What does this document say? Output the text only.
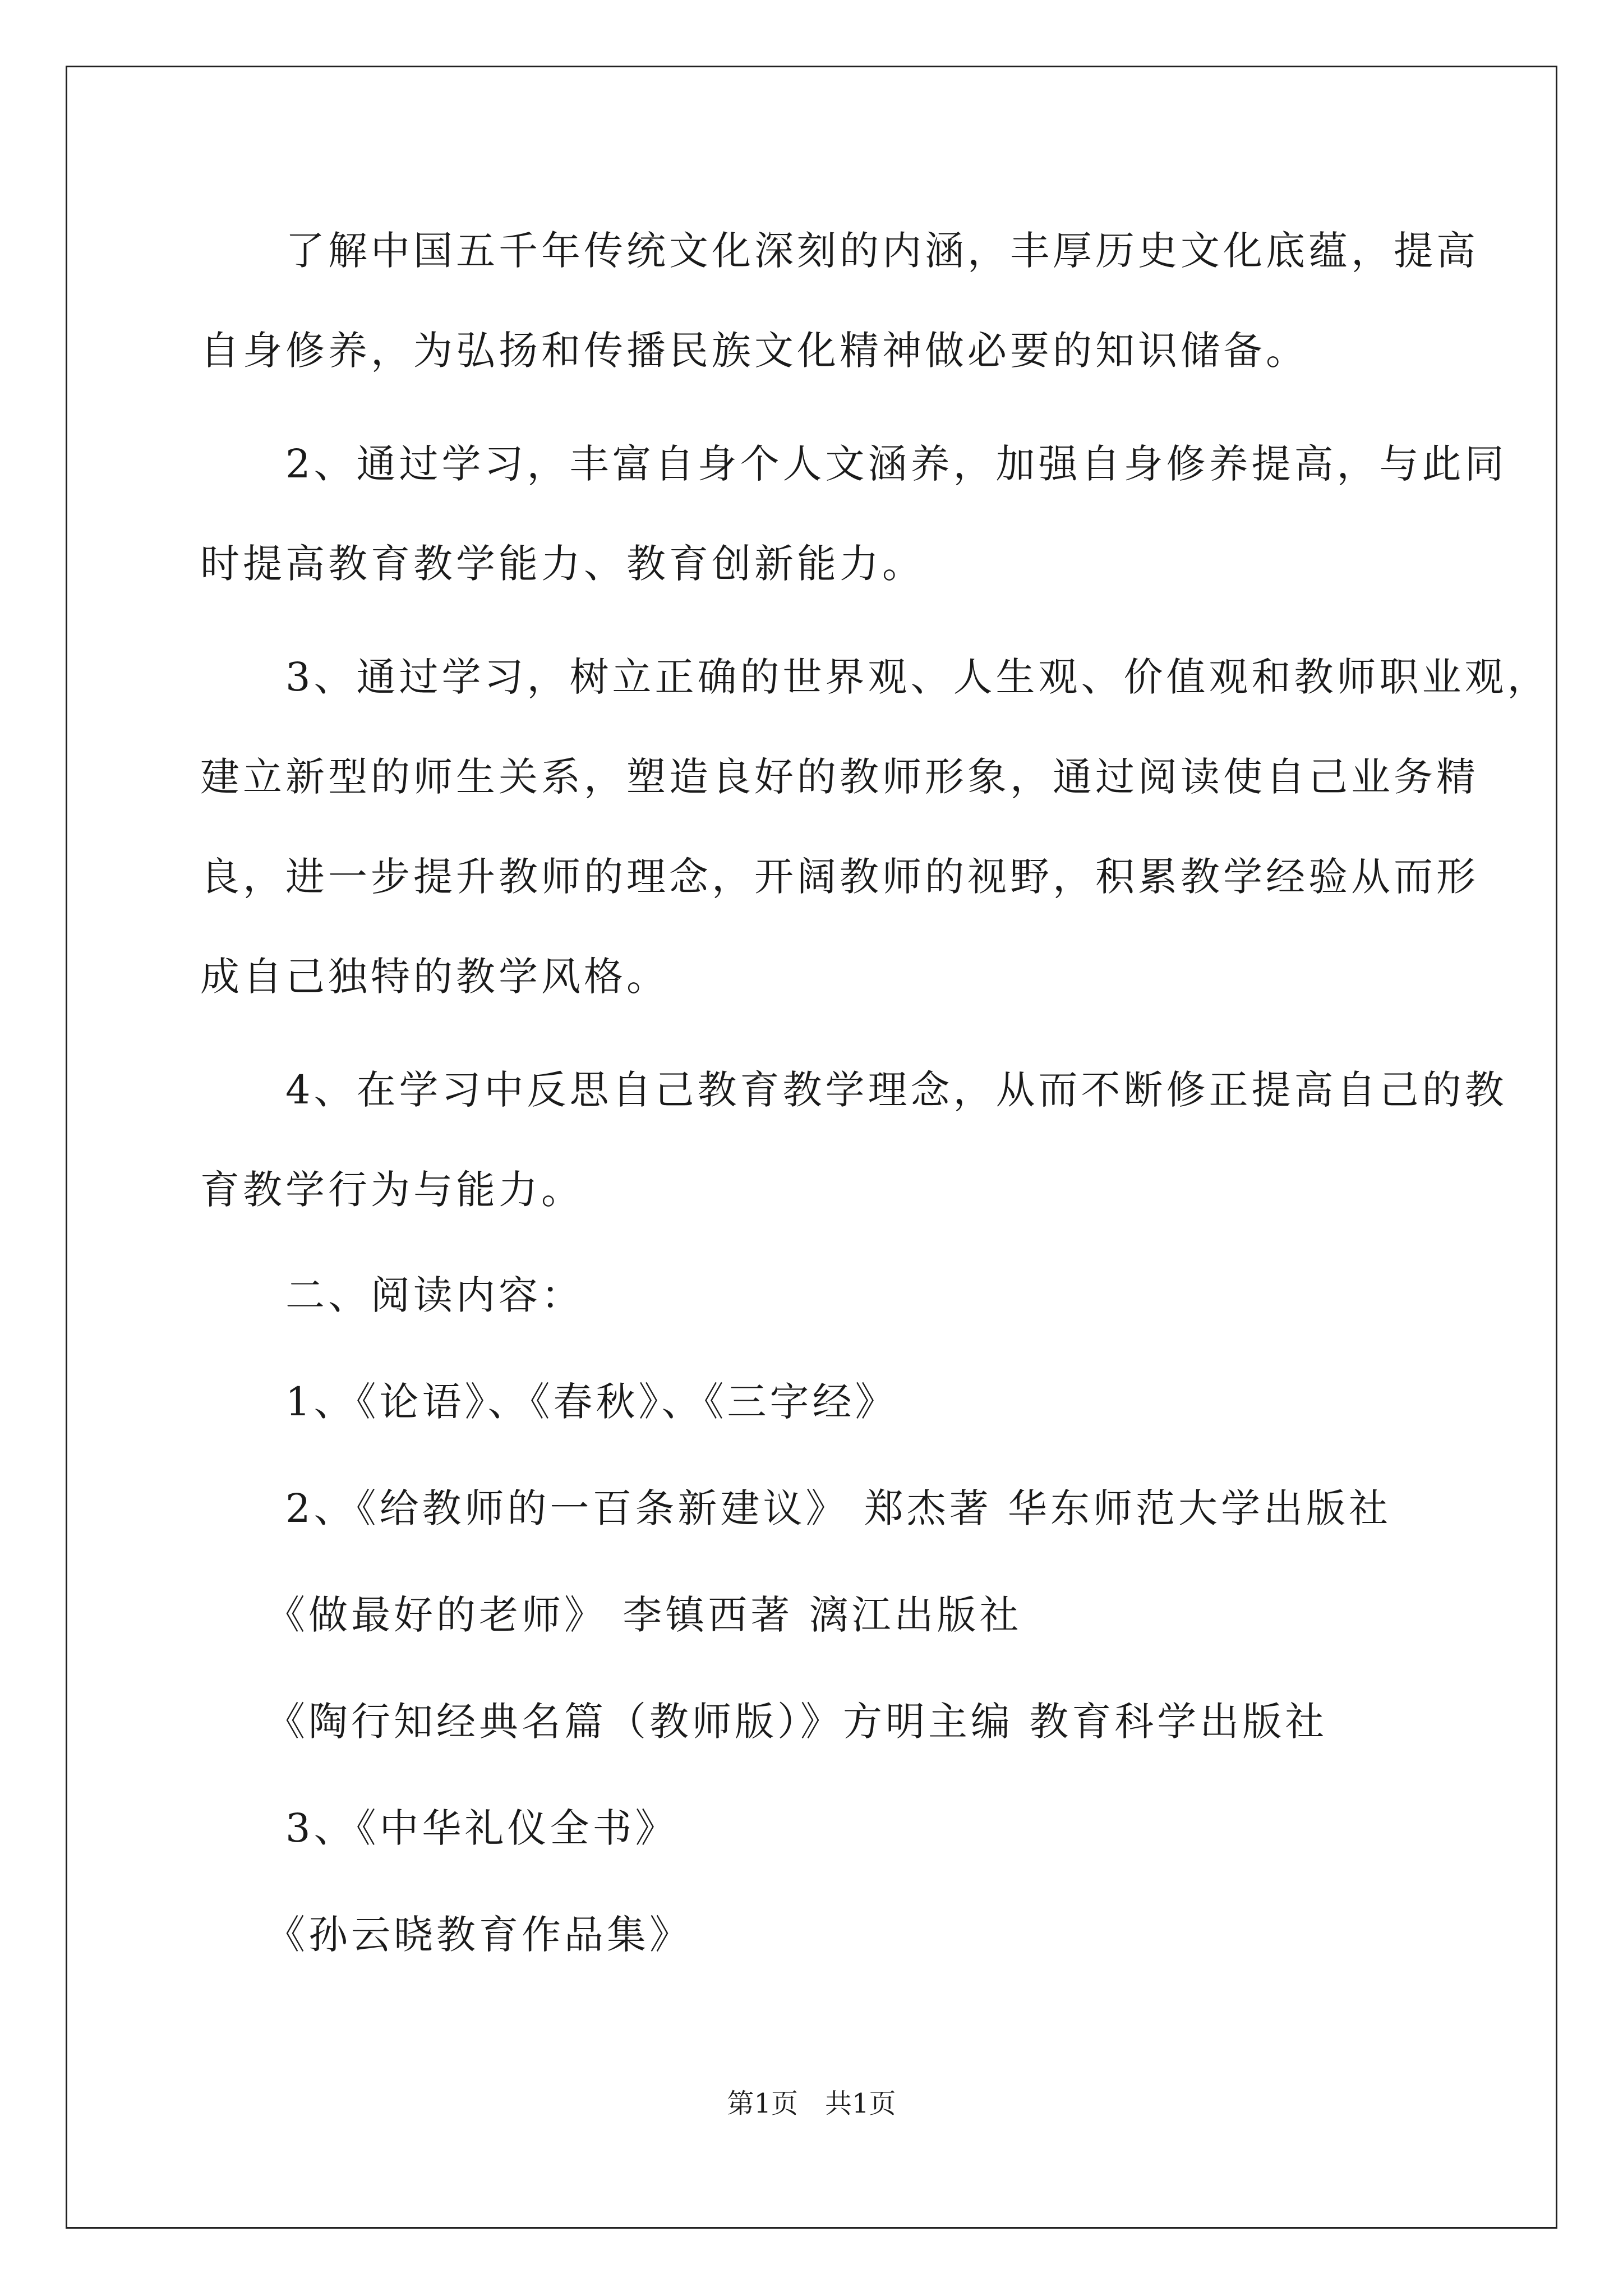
　　了解中国五千年传统文化深刻的内涵，丰厚历史文化底蕴，提高
自身修养，为弘扬和传播民族文化精神做必要的知识储备。
　　2、通过学习，丰富自身个人文涵养，加强自身修养提高，与此同
时提高教育教学能力、教育创新能力。
　　3、通过学习，树立正确的世界观、人生观、价值观和教师职业观，
建立新型的师生关系，塑造良好的教师形象，通过阅读使自己业务精
良，进一步提升教师的理念，开阔教师的视野，积累教学经验从而形
成自己独特的教学风格。
　　4、在学习中反思自己教育教学理念，从而不断修正提高自己的教
育教学行为与能力。
　　二、阅读内容：
　　1、《论语》、《春秋》、《三字经》
　　2、《给教师的一百条新建议》 郑杰著 华东师范大学出版社
　　《做最好的老师》 李镇西著 漓江出版社
　　《陶行知经典名篇（教师版）》方明主编 教育科学出版社
　　3、《中华礼仪全书》
　　《孙云晓教育作品集》
第1页 共1页
